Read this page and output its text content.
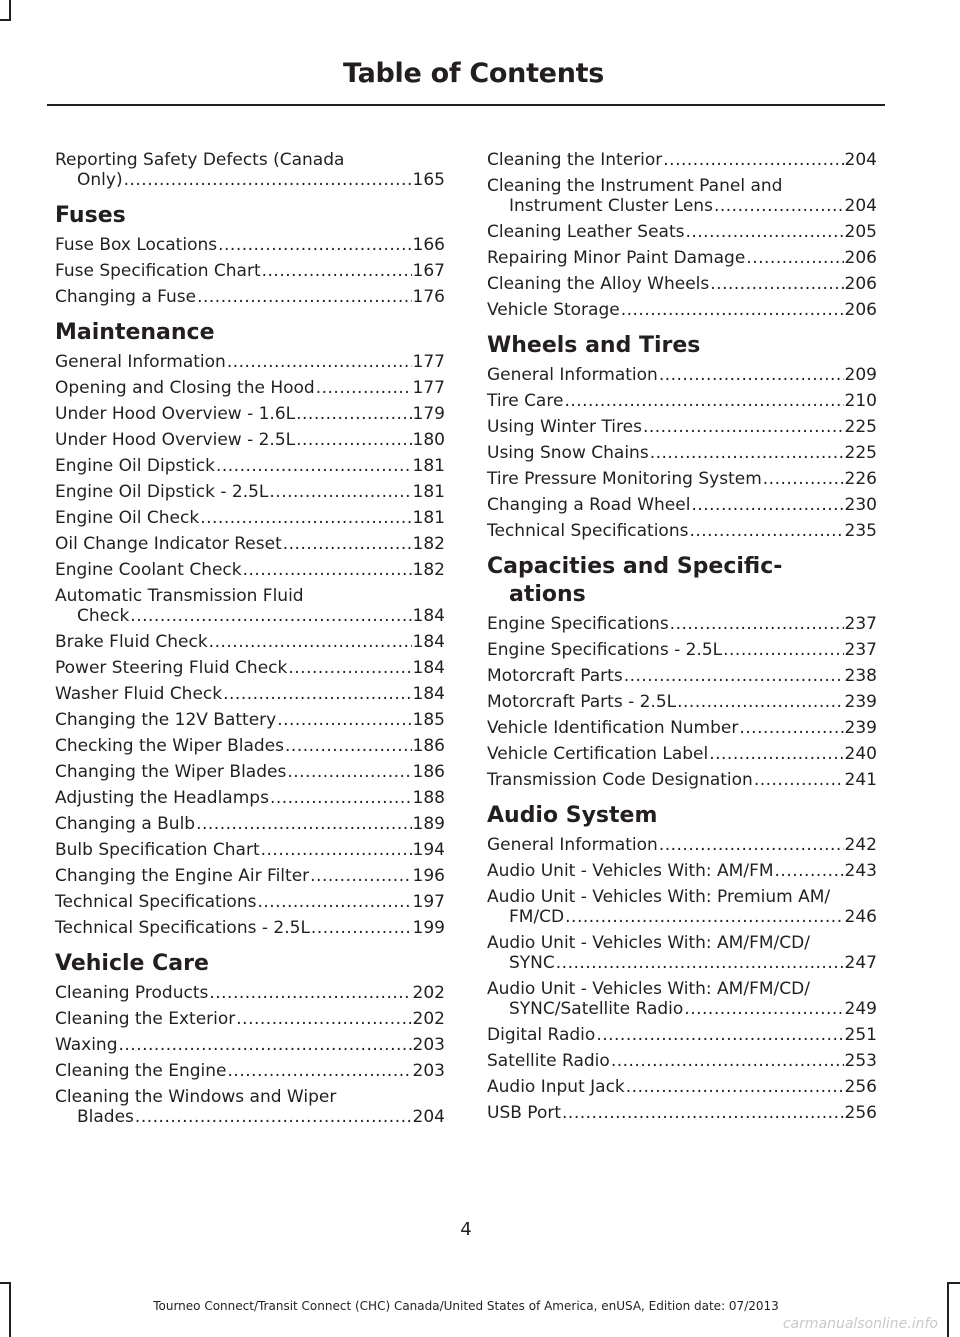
Table of Contents
Reporting Safety Defects (Canada
Only) .....	165
Fuses
Fuse Box Locations .....	166
Fuse Specification Chart .....	167
Changing a Fuse .....	176
Maintenance
General Information .....	177
Opening and Closing the Hood .....	177
Under Hood Overview - 1.6L .....	179
Under Hood Overview - 2.5L .....	180
Engine Oil Dipstick .....	181
Engine Oil Dipstick - 2.5L .....	181
Engine Oil Check .....	181
Oil Change Indicator Reset .....	182
Engine Coolant Check .....	182
Automatic Transmission Fluid
Check .....	184
Brake Fluid Check .....	184
Power Steering Fluid Check .....	184
Washer Fluid Check .....	184
Changing the 12V Battery .....	185
Checking the Wiper Blades .....	186
Changing the Wiper Blades .....	186
Adjusting the Headlamps .....	188
Changing a Bulb .....	189
Bulb Specification Chart .....	194
Changing the Engine Air Filter .....	196
Technical Specifications .....	197
Technical Specifications - 2.5L .....	199
Vehicle Care
Cleaning Products .....	202
Cleaning the Exterior .....	202
Waxing .....	203
Cleaning the Engine .....	203
Cleaning the Windows and Wiper
Blades .....	204
Cleaning the Interior .....	204
Cleaning the Instrument Panel and
Instrument Cluster Lens .....	204
Cleaning Leather Seats .....	205
Repairing Minor Paint Damage .....	206
Cleaning the Alloy Wheels .....	206
Vehicle Storage .....	206
Wheels and Tires
General Information .....	209
Tire Care .....	210
Using Winter Tires .....	225
Using Snow Chains .....	225
Tire Pressure Monitoring System .....	226
Changing a Road Wheel .....	230
Technical Specifications .....	235
Capacities and Specific-
ations
Engine Specifications .....	237
Engine Specifications - 2.5L .....	237
Motorcraft Parts .....	238
Motorcraft Parts - 2.5L .....	239
Vehicle Identification Number .....	239
Vehicle Certification Label .....	240
Transmission Code Designation .....	241
Audio System
General Information .....	242
Audio Unit - Vehicles With: AM/FM .....	243
Audio Unit - Vehicles With: Premium AM/
FM/CD .....	246
Audio Unit - Vehicles With: AM/FM/CD/
SYNC .....	247
Audio Unit - Vehicles With: AM/FM/CD/
SYNC/Satellite Radio .....	249
Digital Radio .....	251
Satellite Radio .....	253
Audio Input Jack .....	256
USB Port .....	256
4
Tourneo Connect/Transit Connect (CHC) Canada/United States of America, enUSA, Edition date: 07/2013
carmanualsonline.info
